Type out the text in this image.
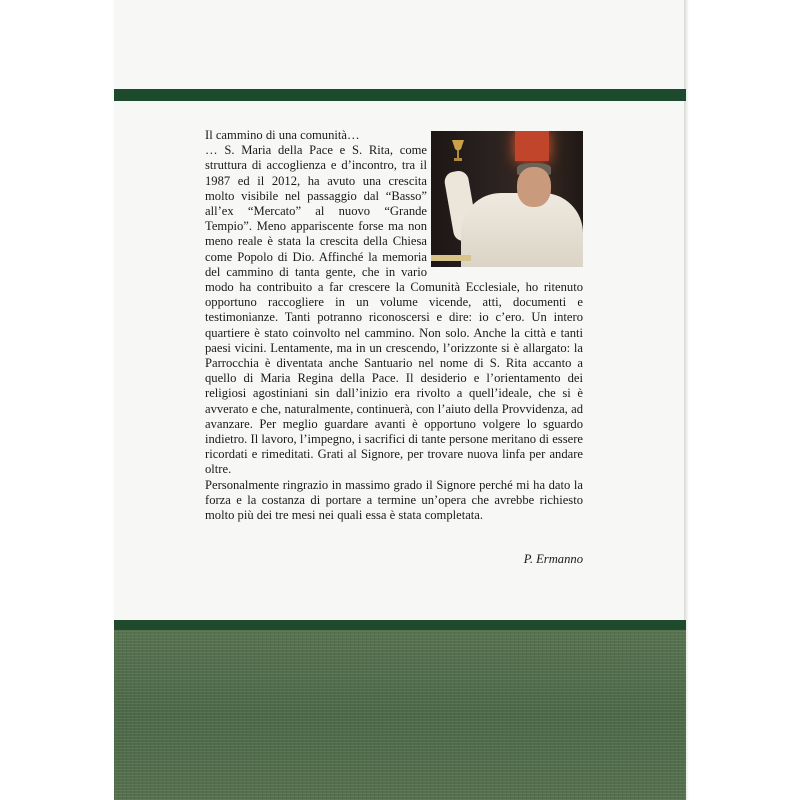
Il cammino di una comunità…

… S. Maria della Pace e S. Rita, come struttura di accoglienza e d’incontro, tra il 1987 ed il 2012, ha avuto una crescita molto visibile nel passaggio dal “Basso” all’ex “Mercato” al nuovo “Grande Tempio”. Meno appariscente forse ma non meno reale è stata la crescita della Chiesa come Popolo di Dio. Affinché la memoria del cammino di tanta gente, che in vario modo ha contribuito a far crescere la Comunità Ecclesiale, ho ritenuto opportuno raccogliere in un volume vicende, atti, documenti e testimonianze. Tanti potranno riconoscersi e dire: io c’ero. Un intero quartiere è stato coinvolto nel cammino. Non solo. Anche la città e tanti paesi vicini. Lentamente, ma in un crescendo, l’orizzonte si è allargato: la Parrocchia è diventata anche Santuario nel nome di S. Rita accanto a quello di Maria Regina della Pace. Il desiderio e l’orientamento dei religiosi agostiniani sin dall’inizio era rivolto a quell’ideale, che si è avverato e che, naturalmente, continuerà, con l’aiuto della Provvidenza, ad avanzare. Per meglio guardare avanti è opportuno volgere lo sguardo indietro. Il lavoro, l’impegno, i sacrifici di tante persone meritano di essere ricordati e rimeditati. Grati al Signore, per trovare nuova linfa per andare oltre.

Personalmente ringrazio in massimo grado il Signore perché mi ha dato la forza e la costanza di portare a termine un’opera che avrebbe richiesto molto più dei tre mesi nei quali essa è stata completata.

P. Ermanno
